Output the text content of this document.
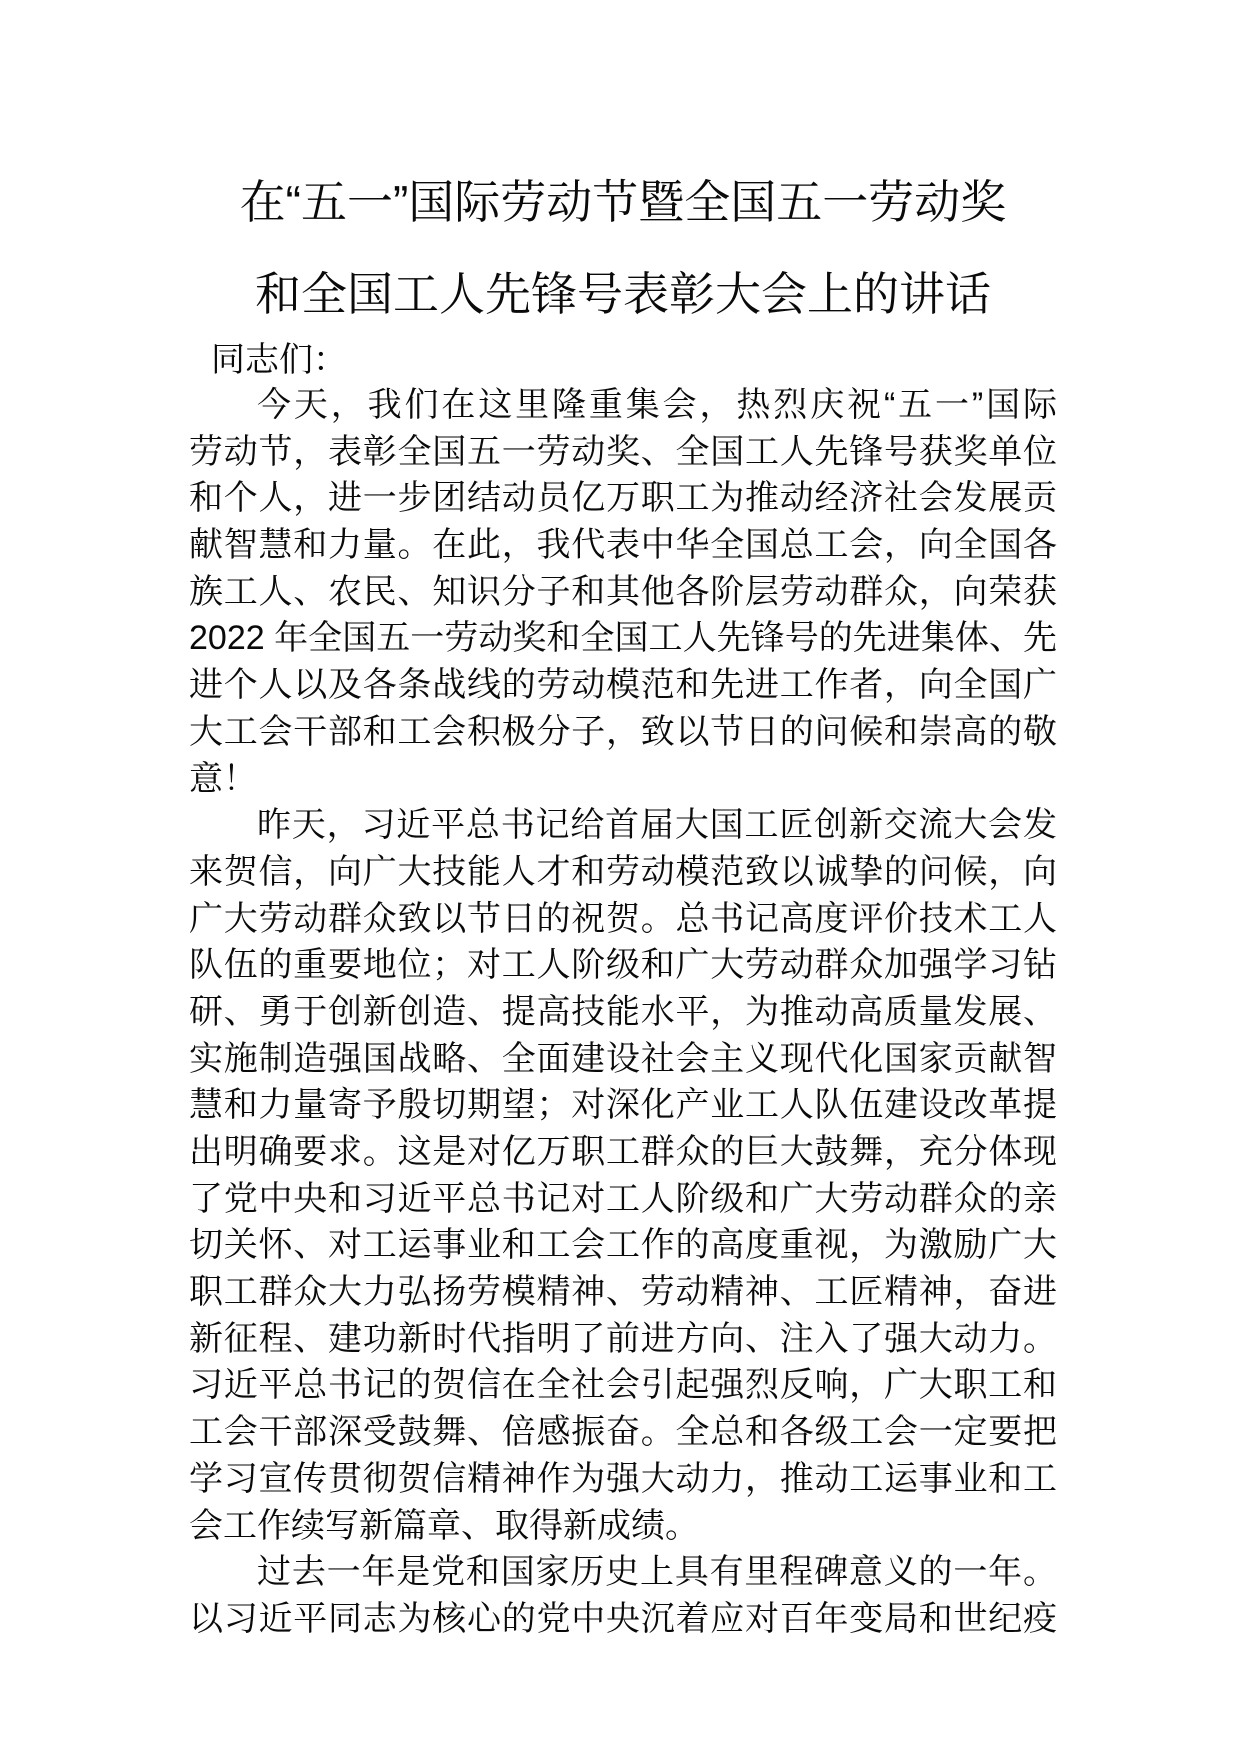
在“五一”国际劳动节暨全国五一劳动奖
和全国工人先锋号表彰大会上的讲话
同志们：
今天，我们在这里隆重集会，热烈庆祝“五一”国际
劳动节，表彰全国五一劳动奖、全国工人先锋号获奖单位
和个人，进一步团结动员亿万职工为推动经济社会发展贡
献智慧和力量。在此，我代表中华全国总工会，向全国各
族工人、农民、知识分子和其他各阶层劳动群众，向荣获
2022 年全国五一劳动奖和全国工人先锋号的先进集体、先
进个人以及各条战线的劳动模范和先进工作者，向全国广
大工会干部和工会积极分子，致以节日的问候和崇高的敬
意！
昨天，习近平总书记给首届大国工匠创新交流大会发
来贺信，向广大技能人才和劳动模范致以诚挚的问候，向
广大劳动群众致以节日的祝贺。总书记高度评价技术工人
队伍的重要地位；对工人阶级和广大劳动群众加强学习钻
研、勇于创新创造、提高技能水平，为推动高质量发展、
实施制造强国战略、全面建设社会主义现代化国家贡献智
慧和力量寄予殷切期望；对深化产业工人队伍建设改革提
出明确要求。这是对亿万职工群众的巨大鼓舞，充分体现
了党中央和习近平总书记对工人阶级和广大劳动群众的亲
切关怀、对工运事业和工会工作的高度重视，为激励广大
职工群众大力弘扬劳模精神、劳动精神、工匠精神，奋进
新征程、建功新时代指明了前进方向、注入了强大动力。
习近平总书记的贺信在全社会引起强烈反响，广大职工和
工会干部深受鼓舞、倍感振奋。全总和各级工会一定要把
学习宣传贯彻贺信精神作为强大动力，推动工运事业和工
会工作续写新篇章、取得新成绩。
过去一年是党和国家历史上具有里程碑意义的一年。
以习近平同志为核心的党中央沉着应对百年变局和世纪疫
